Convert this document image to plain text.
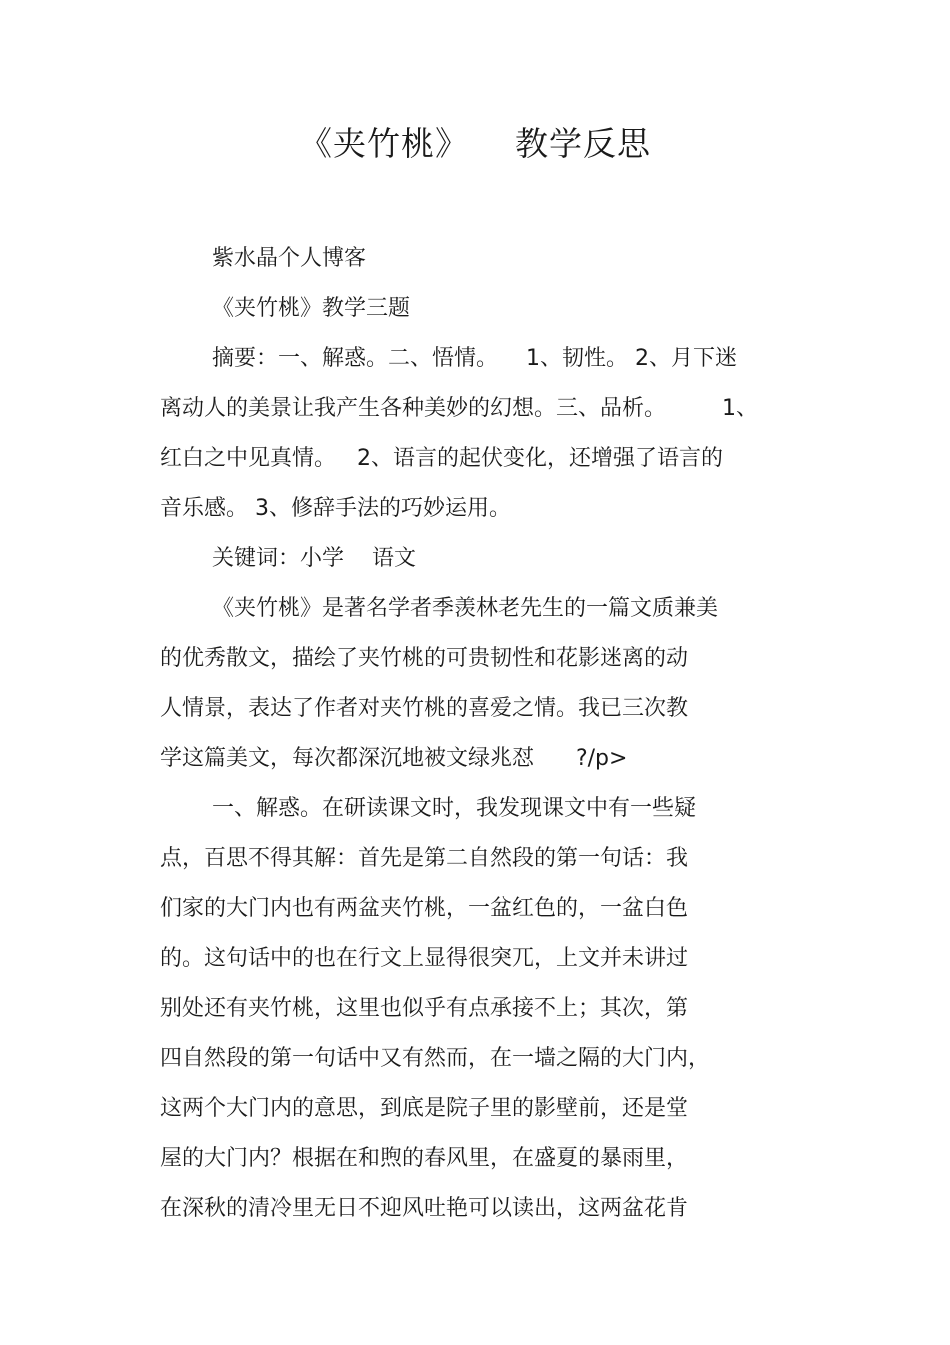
《夹竹桃》    教学反思

紫水晶个人博客

《夹竹桃》教学三题

摘要：一、解惑。二、悟情。    1、韧性。 2、月下迷

离动人的美景让我产生各种美妙的幻想。三、品析。        1、

红白之中见真情。   2、语言的起伏变化，还增强了语言的

音乐感。 3、修辞手法的巧妙运用。

关键词：小学    语文

《夹竹桃》是著名学者季羡林老先生的一篇文质兼美

的优秀散文，描绘了夹竹桃的可贵韧性和花影迷离的动

人情景，表达了作者对夹竹桃的喜爱之情。我已三次教

学这篇美文，每次都深沉地被文绿兆怼      ?/p>

一、解惑。在研读课文时，我发现课文中有一些疑

点，百思不得其解：首先是第二自然段的第一句话：我

们家的大门内也有两盆夹竹桃，一盆红色的，一盆白色

的。这句话中的也在行文上显得很突兀，上文并未讲过

别处还有夹竹桃，这里也似乎有点承接不上；其次，第

四自然段的第一句话中又有然而，在一墙之隔的大门内，

这两个大门内的意思，到底是院子里的影壁前，还是堂

屋的大门内？根据在和煦的春风里，在盛夏的暴雨里，

在深秋的清冷里无日不迎风吐艳可以读出，这两盆花肯
